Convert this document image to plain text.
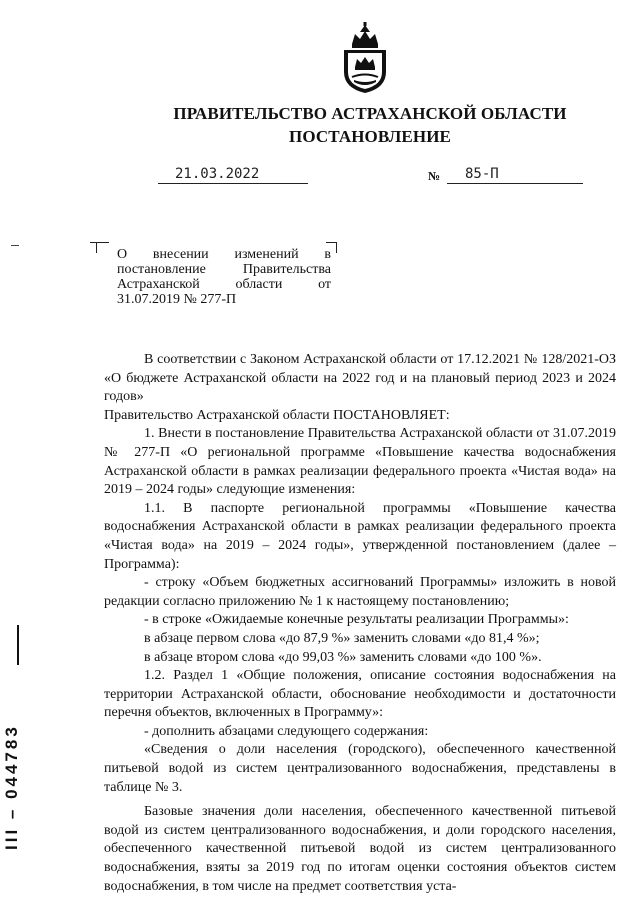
ПРАВИТЕЛЬСТВО АСТРАХАНСКОЙ ОБЛАСТИ
ПОСТАНОВЛЕНИЕ
21.03.2022	№ 85-П
О внесении изменений в постановление Правительства Астраханской области от 31.07.2019 № 277-П

В соответствии с Законом Астраханской области от 17.12.2021 № 128/2021-ОЗ «О бюджете Астраханской области на 2022 год и на плановый период 2023 и 2024 годов»

Правительство Астраханской области ПОСТАНОВЛЯЕТ:

1. Внести в постановление Правительства Астраханской области от 31.07.2019 № 277-П «О региональной программе «Повышение качества водоснабжения Астраханской области в рамках реализации федерального проекта «Чистая вода» на 2019 – 2024 годы» следующие изменения:

1.1. В паспорте региональной программы «Повышение качества водоснабжения Астраханской области в рамках реализации федерального проекта «Чистая вода» на 2019 – 2024 годы», утвержденной постановлением (далее – Программа):

- строку «Объем бюджетных ассигнований Программы» изложить в новой редакции согласно приложению № 1 к настоящему постановлению;

- в строке «Ожидаемые конечные результаты реализации Программы»:

в абзаце первом слова «до 87,9 %» заменить словами «до 81,4 %»;

в абзаце втором слова «до 99,03 %» заменить словами «до 100 %».

1.2. Раздел 1 «Общие положения, описание состояния водоснабжения на территории Астраханской области, обоснование необходимости и достаточности перечня объектов, включенных в Программу»:

- дополнить абзацами следующего содержания:

«Сведения о доли населения (городского), обеспеченного качественной питьевой водой из систем централизованного водоснабжения, представлены в таблице № 3.

Базовые значения доли населения, обеспеченного качественной питьевой водой из систем централизованного водоснабжения, и доли городского населения, обеспеченного качественной питьевой водой из систем централизованного водоснабжения, взяты за 2019 год по итогам оценки состояния объектов систем водоснабжения, в том числе на предмет соответствия уста-

ІІІ – 044783
